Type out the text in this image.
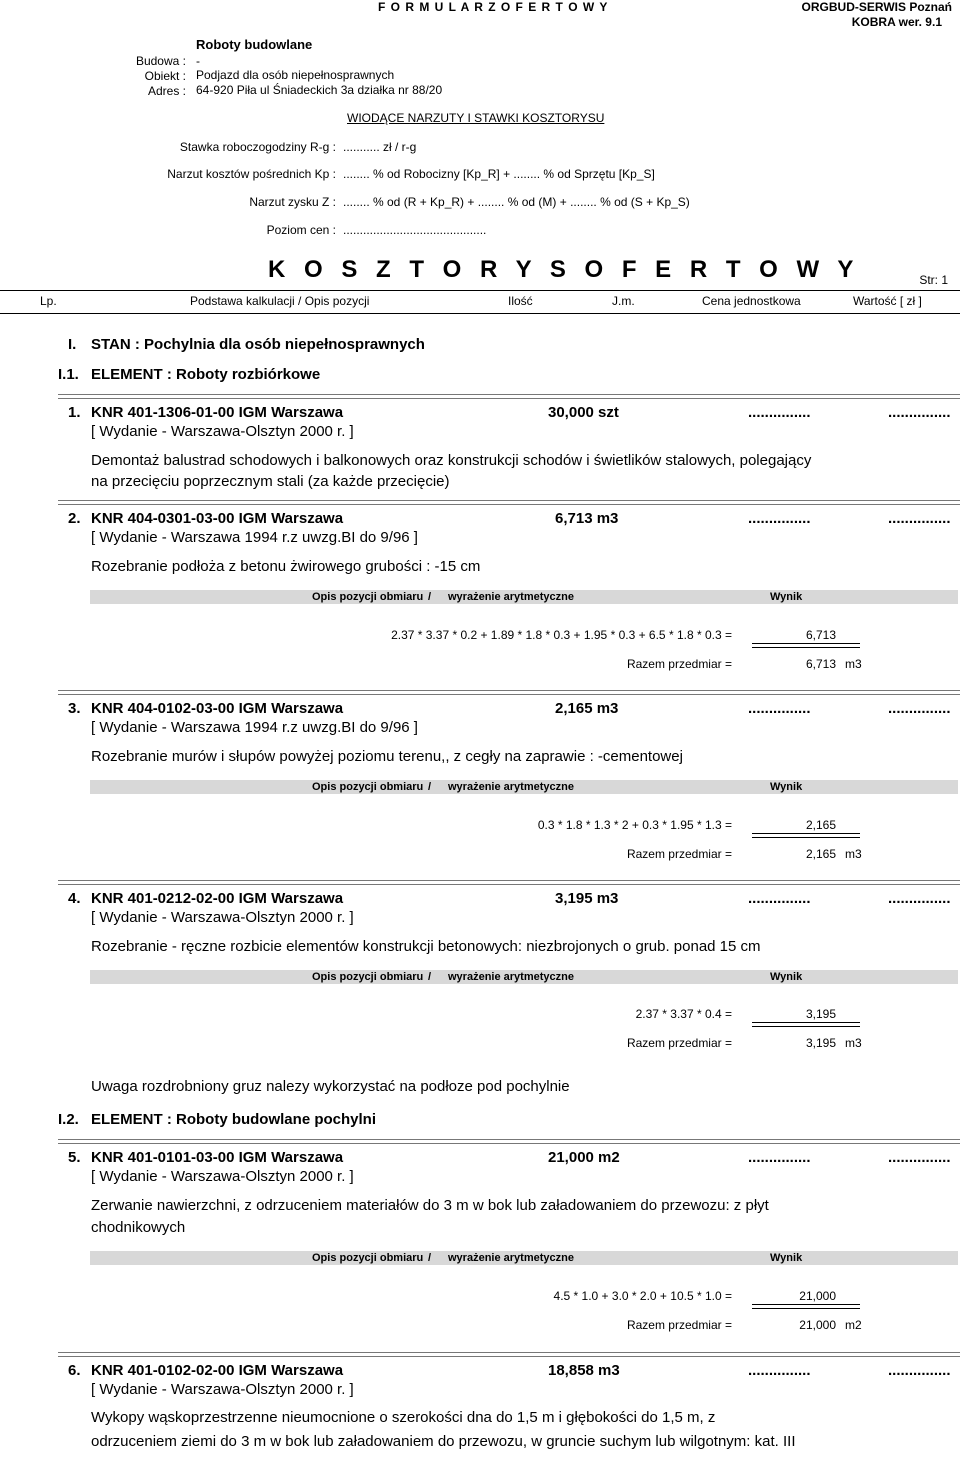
F O R M U L A R Z O F E R T O W Y	ORGBUD-SERWIS Poznań
KOBRA wer. 9.1
Roboty budowlane
Budowa : -
Obiekt : Podjazd dla osób niepełnosprawnych
Adres : 64-920 Piła ul Śniadeckich 3a działka nr 88/20
WIODĄCE NARZUTY I STAWKI KOSZTORYSU
Stawka roboczogodziny R-g : ........... zł / r-g
Narzut kosztów pośrednich Kp : ........ % od Robocizny [Kp_R] + ........ % od Sprzętu [Kp_S]
Narzut zysku Z : ........ % od (R + Kp_R) + ........ % od (M) + ........ % od (S + Kp_S)
Poziom cen : ...........................................
K O S Z T O R Y S O F E R T O W Y	Str: 1
Lp.	Podstawa kalkulacji / Opis pozycji	Ilość	J.m.	Cena jednostkowa	Wartość [ zł ]
I. STAN : Pochylnia dla osób niepełnosprawnych
I.1. ELEMENT : Roboty rozbiórkowe
1. KNR 401-1306-01-00 IGM Warszawa	30,000 szt	...............	...............
[ Wydanie - Warszawa-Olsztyn 2000 r. ]
Demontaż balustrad schodowych i balkonowych oraz konstrukcji schodów i świetlików stalowych, polegający
na przecięciu poprzecznym stali (za każde przecięcie)
2. KNR 404-0301-03-00 IGM Warszawa	6,713 m3	...............	...............
[ Wydanie - Warszawa 1994 r.z uwzg.BI do 9/96 ]
Rozebranie podłoża z betonu żwirowego grubości : -15 cm
Opis pozycji obmiaru / wyrażenie arytmetyczne	Wynik
2.37 * 3.37 * 0.2 + 1.89 * 1.8 * 0.3 + 1.95 * 0.3 + 6.5 * 1.8 * 0.3 =	6,713
Razem przedmiar =	6,713 m3
3. KNR 404-0102-03-00 IGM Warszawa	2,165 m3	...............	...............
[ Wydanie - Warszawa 1994 r.z uwzg.BI do 9/96 ]
Rozebranie murów i słupów powyżej poziomu terenu,, z cegły na zaprawie : -cementowej
Opis pozycji obmiaru / wyrażenie arytmetyczne	Wynik
0.3 * 1.8 * 1.3 * 2 + 0.3 * 1.95 * 1.3 =	2,165
Razem przedmiar =	2,165 m3
4. KNR 401-0212-02-00 IGM Warszawa	3,195 m3	...............	...............
[ Wydanie - Warszawa-Olsztyn 2000 r. ]
Rozebranie - ręczne rozbicie elementów konstrukcji betonowych: niezbrojonych o grub. ponad 15 cm
Opis pozycji obmiaru / wyrażenie arytmetyczne	Wynik
2.37 * 3.37 * 0.4 =	3,195
Razem przedmiar =	3,195 m3
Uwaga rozdrobniony gruz nalezy wykorzystać na podłoze pod pochylnie
I.2. ELEMENT : Roboty budowlane pochylni
5. KNR 401-0101-03-00 IGM Warszawa	21,000 m2	...............	...............
[ Wydanie - Warszawa-Olsztyn 2000 r. ]
Zerwanie nawierzchni, z odrzuceniem materiałów do 3 m w bok lub załadowaniem do przewozu: z płyt
chodnikowych
Opis pozycji obmiaru / wyrażenie arytmetyczne	Wynik
4.5 * 1.0 + 3.0 * 2.0 + 10.5 * 1.0 =	21,000
Razem przedmiar =	21,000 m2
6. KNR 401-0102-02-00 IGM Warszawa	18,858 m3	...............	...............
[ Wydanie - Warszawa-Olsztyn 2000 r. ]
Wykopy wąskoprzestrzenne nieumocnione o szerokości dna do 1,5 m i głębokości do 1,5 m, z
odrzuceniem ziemi do 3 m w bok lub załadowaniem do przewozu, w gruncie suchym lub wilgotnym: kat. III
